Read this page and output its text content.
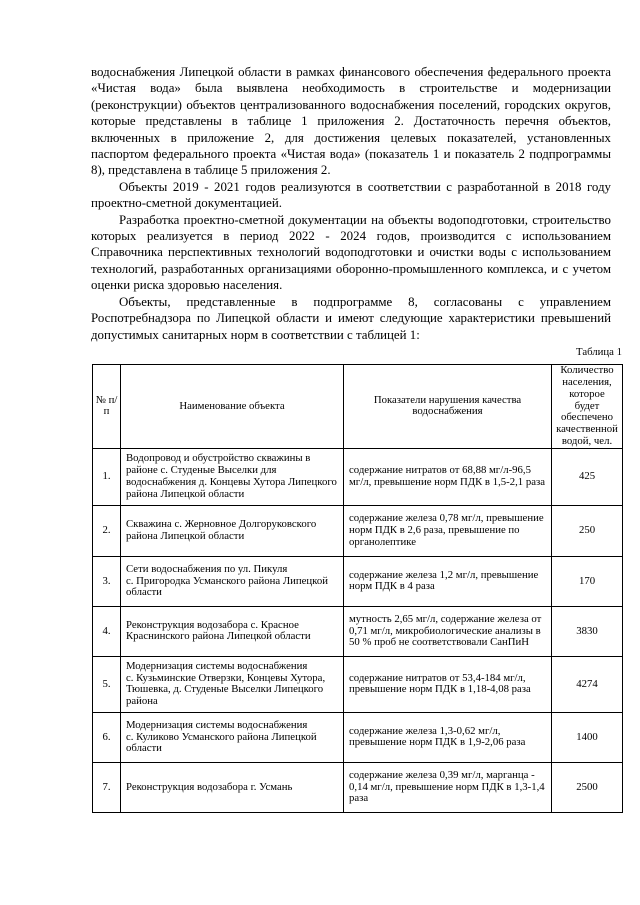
водоснабжения Липецкой области в рамках финансового обеспечения федерального проекта «Чистая вода» была выявлена необходимость в строительстве и модернизации (реконструкции) объектов централизованного водоснабжения поселений, городских округов, которые представлены в таблице 1 приложения 2. Достаточность перечня объектов, включенных в приложение 2, для достижения целевых показателей, установленных паспортом федерального проекта «Чистая вода» (показатель 1 и показатель 2 подпрограммы 8), представлена в таблице 5 приложения 2.

Объекты 2019 - 2021 годов реализуются в соответствии с разработанной в 2018 году проектно-сметной документацией.

Разработка проектно-сметной документации на объекты водоподготовки, строительство которых реализуется в период 2022 - 2024 годов, производится с использованием Справочника перспективных технологий водоподготовки и очистки воды с использованием технологий, разработанных организациями оборонно-промышленного комплекса, и с учетом оценки риска здоровью населения.

Объекты, представленные в подпрограмме 8, согласованы с управлением Роспотребнадзора по Липецкой области и имеют следующие характеристики превышений допустимых санитарных норм в соответствии с таблицей 1:

Таблица 1
№ п/п	Наименование объекта	Показатели нарушения качества водоснабжения	Количество населения, которое будет обеспечено качественной водой, чел.
1.	Водопровод и обустройство скважины в районе с. Студеные Выселки для водоснабжения д. Концевы Хутора Липецкого района Липецкой области	содержание нитратов от 68,88 мг/л-96,5 мг/л, превышение норм ПДК в 1,5-2,1 раза	425
2.	Скважина с. Жерновное Долгоруковского района Липецкой области	содержание железа 0,78 мг/л, превышение норм ПДК в 2,6 раза, превышение по органолептике	250
3.	Сети водоснабжения по ул. Пикуля с. Пригородка Усманского района Липецкой области	содержание железа 1,2 мг/л, превышение норм ПДК в 4 раза	170
4.	Реконструкция водозабора с. Красное Краснинского района Липецкой области	мутность 2,65 мг/л, содержание железа от 0,71 мг/л, микробиологические анализы в 50 % проб не соответствовали СанПиН	3830
5.	Модернизация системы водоснабжения с. Кузьминские Отверзки, Концевы Хутора, Тюшевка, д. Студеные Выселки Липецкого района	содержание нитратов от 53,4-184 мг/л, превышение норм ПДК в 1,18-4,08 раза	4274
6.	Модернизация системы водоснабжения с. Куликово Усманского района Липецкой области	содержание железа 1,3-0,62 мг/л, превышение норм ПДК в 1,9-2,06 раза	1400
7.	Реконструкция водозабора г. Усмань	содержание железа 0,39 мг/л, марганца - 0,14 мг/л, превышение норм ПДК в 1,3-1,4 раза	2500
